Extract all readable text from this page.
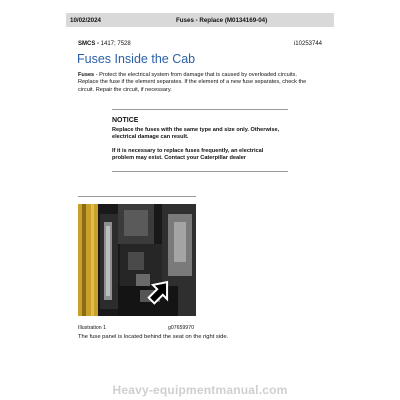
10/02/2024	Fuses - Replace (M0134169-04)
SMCS - 1417; 7528	i10253744
Fuses Inside the Cab
Fuses - Protect the electrical system from damage that is caused by overloaded circuits.
Replace the fuse if the element separates. If the element of a new fuse separates, check the
circuit. Repair the circuit, if necessary.
NOTICE
Replace the fuses with the same type and size only. Otherwise,
electrical damage can result.
If it is necessary to replace fuses frequently, an electrical
problem may exist. Contact your Caterpillar dealer
Illustration 1	g07659970
The fuse panel is located behind the seat on the right side.
Heavy-equipmentmanual.com
